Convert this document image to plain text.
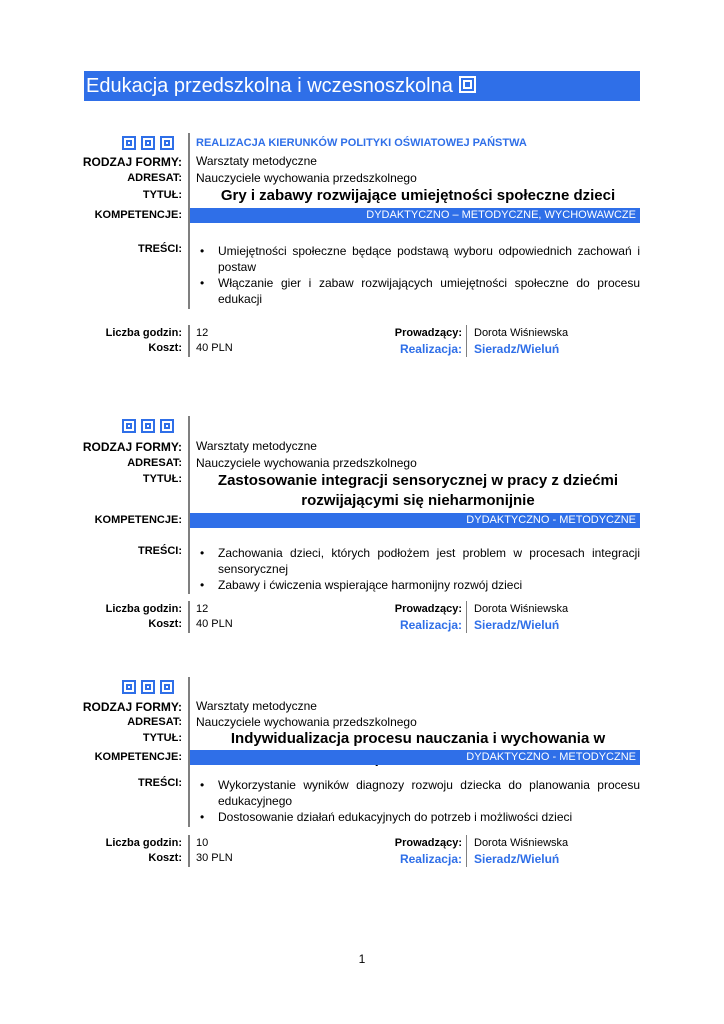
Edukacja przedszkolna i wczesnoszkolna
REALIZACJA KIERUNKÓW POLITYKI OŚWIATOWEJ PAŃSTWA
RODZAJ FORMY: Warsztaty metodyczne
ADRESAT: Nauczyciele wychowania przedszkolnego
TYTUŁ:	Gry i zabawy rozwijające umiejętności społeczne dzieci
KOMPETENCJE:	DYDAKTYCZNO – METODYCZNE, WYCHOWAWCZE
TREŚCI:	• Umiejętności społeczne będące podstawą wyboru odpowiednich zachowań i postaw
• Włączanie gier i zabaw rozwijających umiejętności społeczne do procesu edukacji
Liczba godzin: 12
Koszt: 40 PLN
Prowadzący: Dorota Wiśniewska
Realizacja: Sieradz/Wieluń
RODZAJ FORMY: Warsztaty metodyczne
ADRESAT: Nauczyciele wychowania przedszkolnego
TYTUŁ:	Zastosowanie integracji sensorycznej w pracy z dziećmi rozwijającymi się nieharmonijnie
KOMPETENCJE:	DYDAKTYCZNO - METODYCZNE
TREŚCI:	• Zachowania dzieci, których podłożem jest problem w procesach integracji sensorycznej
• Zabawy i ćwiczenia wspierające harmonijny rozwój dzieci
Liczba godzin: 12
Koszt: 40 PLN
Prowadzący: Dorota Wiśniewska
Realizacja: Sieradz/Wieluń
RODZAJ FORMY: Warsztaty metodyczne
ADRESAT: Nauczyciele wychowania przedszkolnego
TYTUŁ:	Indywidualizacja procesu nauczania i wychowania w
KOMPETENCJE:	DYDAKTYCZNO - METODYCZNE
TREŚCI:	• Wykorzystanie wyników diagnozy rozwoju dziecka do planowania procesu edukacyjnego
• Dostosowanie działań edukacyjnych do potrzeb i możliwości dzieci
Liczba godzin: 10
Koszt: 30 PLN
Prowadzący: Dorota Wiśniewska
Realizacja: Sieradz/Wieluń
1
